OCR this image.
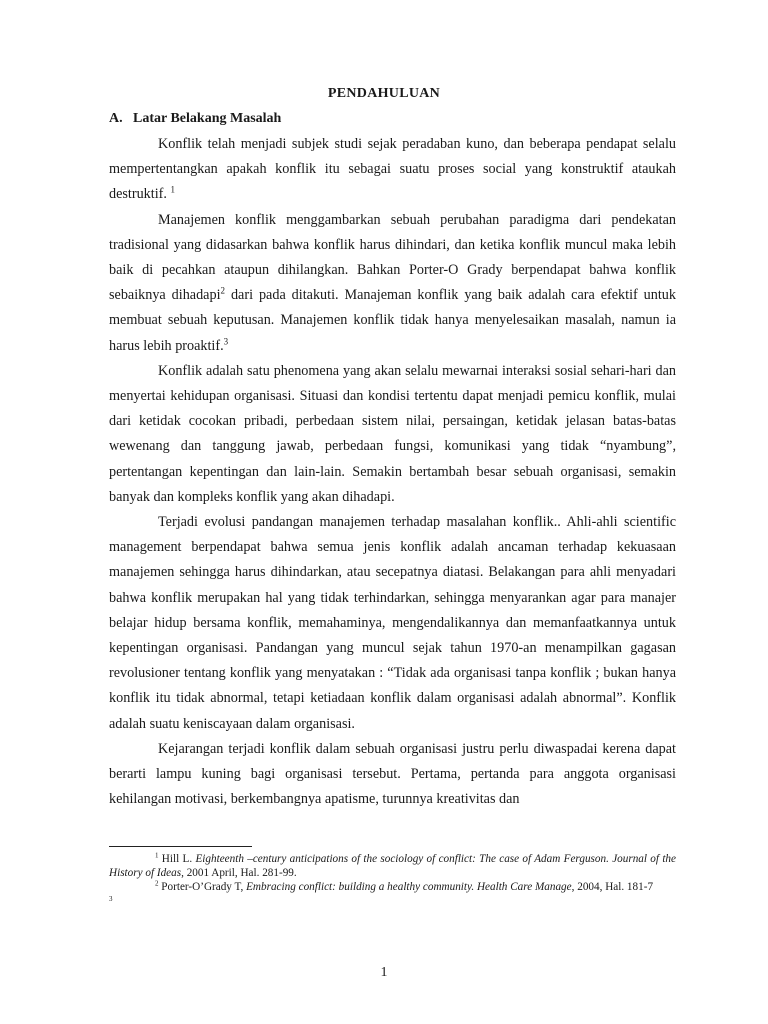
PENDAHULUAN
A. Latar Belakang Masalah

Konflik telah menjadi subjek studi sejak peradaban kuno, dan beberapa pendapat selalu mempertentangkan apakah konflik itu sebagai suatu proses social yang konstruktif ataukah destruktif. $^1$

Manajemen konflik menggambarkan sebuah perubahan paradigma dari pendekatan tradisional yang didasarkan bahwa konflik harus dihindari, dan ketika konflik muncul maka lebih baik di pecahkan ataupun dihilangkan. Bahkan Porter-O Grady berpendapat bahwa konflik sebaiknya dihadapi$^2$ dari pada ditakuti. Manajeman konflik yang baik adalah cara efektif untuk membuat sebuah keputusan. Manajemen konflik tidak hanya menyelesaikan masalah, namun ia harus lebih proaktif.$^3$

Konflik adalah satu phenomena yang akan selalu mewarnai interaksi sosial sehari-hari dan menyertai kehidupan organisasi. Situasi dan kondisi tertentu dapat menjadi pemicu konflik, mulai dari ketidak cocokan pribadi, perbedaan sistem nilai, persaingan, ketidak jelasan batas-batas wewenang dan tanggung jawab, perbedaan fungsi, komunikasi yang tidak “nyambung”, pertentangan kepentingan dan lain-lain. Semakin bertambah besar sebuah organisasi, semakin banyak dan kompleks konflik yang akan dihadapi.

Terjadi evolusi pandangan manajemen terhadap masalahan konflik.. Ahli-ahli scientific management berpendapat bahwa semua jenis konflik adalah ancaman terhadap kekuasaan manajemen sehingga harus dihindarkan, atau secepatnya diatasi. Belakangan para ahli menyadari bahwa konflik merupakan hal yang tidak terhindarkan, sehingga menyarankan agar para manajer belajar hidup bersama konflik, memahaminya, mengendalikannya dan memanfaatkannya untuk kepentingan organisasi. Pandangan yang muncul sejak tahun 1970-an menampilkan gagasan revolusioner tentang konflik yang menyatakan : “Tidak ada organisasi tanpa konflik ; bukan hanya konflik itu tidak abnormal, tetapi ketiadaan konflik dalam organisasi adalah abnormal”. Konflik adalah suatu keniscayaan dalam organisasi.

Kejarangan terjadi konflik dalam sebuah organisasi justru perlu diwaspadai kerena dapat berarti lampu kuning bagi organisasi tersebut. Pertama, pertanda para anggota organisasi kehilangan motivasi, berkembangnya apatisme, turunnya kreativitas dan

$^1$ Hill L. Eighteenth –century anticipations of the sociology of conflict: The case of Adam Ferguson. Journal of the History of Ideas, 2001 April, Hal. 281-99.

$^2$ Porter-O’Grady T, Embracing conflict: building a healthy community. Health Care Manage, 2004, Hal. 181-7

3

1
